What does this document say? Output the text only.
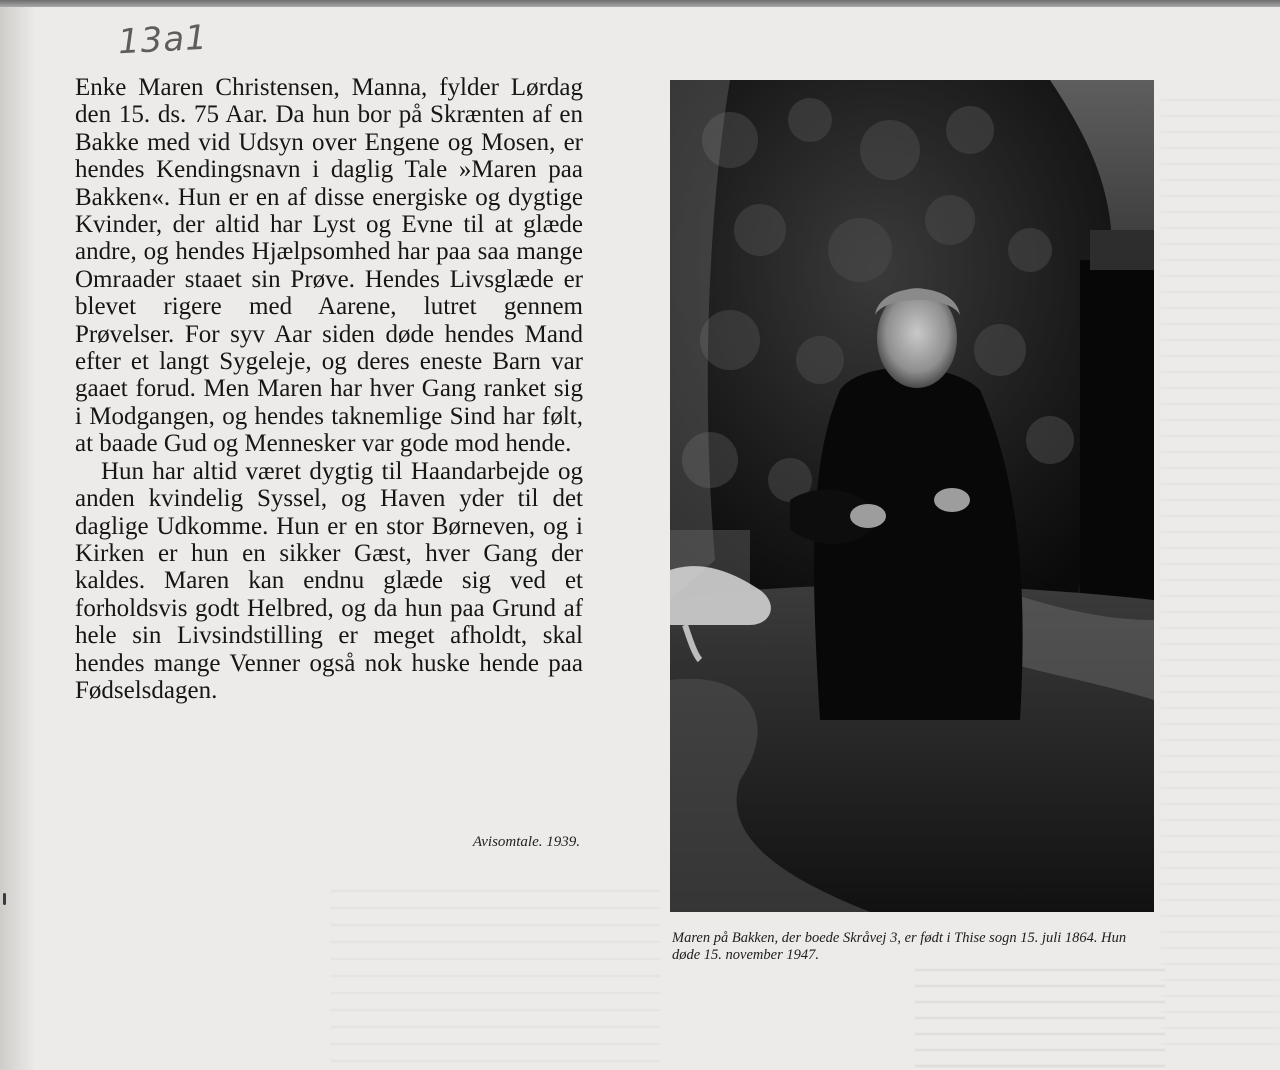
13a1

Enke Maren Christensen, Manna, fylder Lørdag den 15. ds. 75 Aar. Da hun bor på Skrænten af en Bakke med vid Udsyn over Engene og Mosen, er hendes Kendingsnavn i daglig Tale »Maren paa Bakken«. Hun er en af disse energiske og dygtige Kvinder, der altid har Lyst og Evne til at glæde andre, og hendes Hjælpsomhed har paa saa mange Omraader staaet sin Prøve. Hendes Livsglæde er blevet rigere med Aarene, lutret gennem Prøvelser. For syv Aar siden døde hendes Mand efter et langt Sygeleje, og deres eneste Barn var gaaet forud. Men Maren har hver Gang ranket sig i Modgangen, og hendes taknemlige Sind har følt, at baade Gud og Mennesker var gode mod hende.

Hun har altid været dygtig til Haandarbejde og anden kvindelig Syssel, og Haven yder til det daglige Udkomme. Hun er en stor Børneven, og i Kirken er hun en sikker Gæst, hver Gang der kaldes. Maren kan endnu glæde sig ved et forholdsvis godt Helbred, og da hun paa Grund af hele sin Livsindstilling er meget afholdt, skal hendes mange Venner også nok huske hende paa Fødselsdagen.

Avisomtale. 1939.
Maren på Bakken, der boede Skråvej 3, er født i Thise sogn 15. juli 1864. Hun døde 15. november 1947.
